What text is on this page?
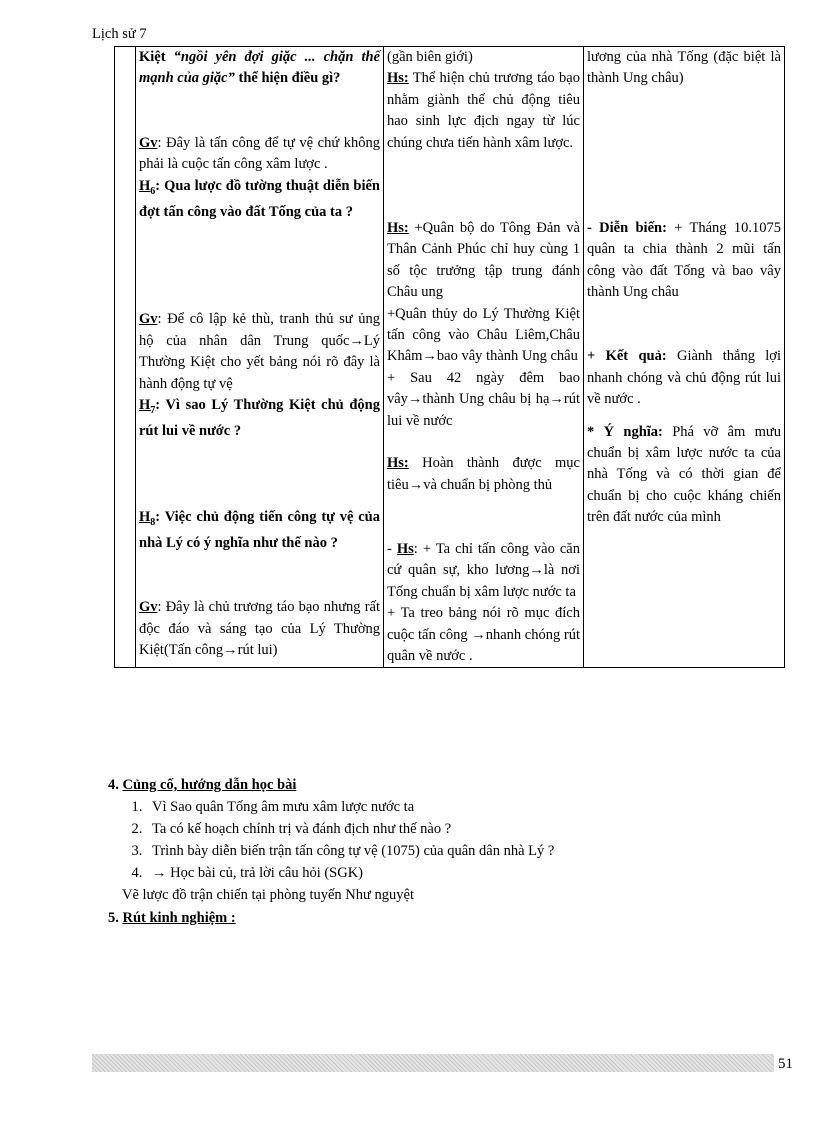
Lịch sử 7

Kiệt “ngồi yên đợi giặc ... chặn thế mạnh của giặc” thể hiện điều gì?
Gv: Đây là tấn công để tự vệ chứ không phải là cuộc tấn công xâm lược .
$H_6$: Qua lược đồ tường thuật diễn biến đợt tấn công vào đất Tống của ta ?
Gv: Để cô lập kẻ thù, tranh thủ sư ủng hộ của nhân dân Trung quốc→Lý Thường Kiệt cho yết bảng nói rõ đây là hành động tự vệ
$H_7$: Vì sao Lý Thường Kiệt chủ động rút lui về nước ?
$H_8$: Việc chủ động tiến công tự vệ của nhà Lý có ý nghĩa như thế nào ?
Gv: Đây là chủ trương táo bạo nhưng rất độc đáo và sáng tạo của Lý Thường Kiệt(Tấn công→rút lui)

(gần biên giới)
Hs: Thể hiện chủ trương táo bạo nhằm giành thế chủ động tiêu hao sinh lực địch ngay từ lúc chúng chưa tiến hành xâm lược.
Hs: +Quân bộ do Tông Đản và Thân Cảnh Phúc chỉ huy cùng 1 số tộc trưởng tập trung đánh Châu ung
+Quân thủy do Lý Thường Kiệt tấn công vào Châu Liêm,Châu Khâm→bao vây thành Ung châu
+ Sau 42 ngày đêm bao vây→thành Ung châu bị hạ→rút lui về nước
Hs: Hoàn thành được mục tiêu→và chuẩn bị phòng thủ
- Hs: + Ta chỉ tấn công vào căn cứ quân sự, kho lương→là nơi Tống chuẩn bị xâm lược nước ta
+ Ta treo bảng nói rõ mục đích cuộc tấn công →nhanh chóng rút quân về nước .

lương của nhà Tống (đặc biệt là thành Ung châu)
- Diễn biến: + Tháng 10.1075 quân ta chia thành 2 mũi tấn công vào đất Tống và bao vây thành Ung châu
+ Kết quả: Giành thắng lợi nhanh chóng và chủ động rút lui về nước .
* Ý nghĩa: Phá vỡ âm mưu chuẩn bị xâm lược nước ta của nhà Tống và có thời gian để chuẩn bị cho cuộc kháng chiến trên đất nước của mình
4. Củng cố, hướng dẫn học bài
1. Vì Sao quân Tống âm mưu xâm lược nước ta
2. Ta có kế hoạch chính trị và đánh địch như thế nào ?
3. Trình bày diễn biến trận tấn công tự vệ (1075) của quân dân nhà Lý ?
4. → Học bài củ, trả lời câu hỏi (SGK)
Vẽ lược đồ trận chiến tại phòng tuyến Như nguyệt
5. Rút kinh nghiệm :
51
